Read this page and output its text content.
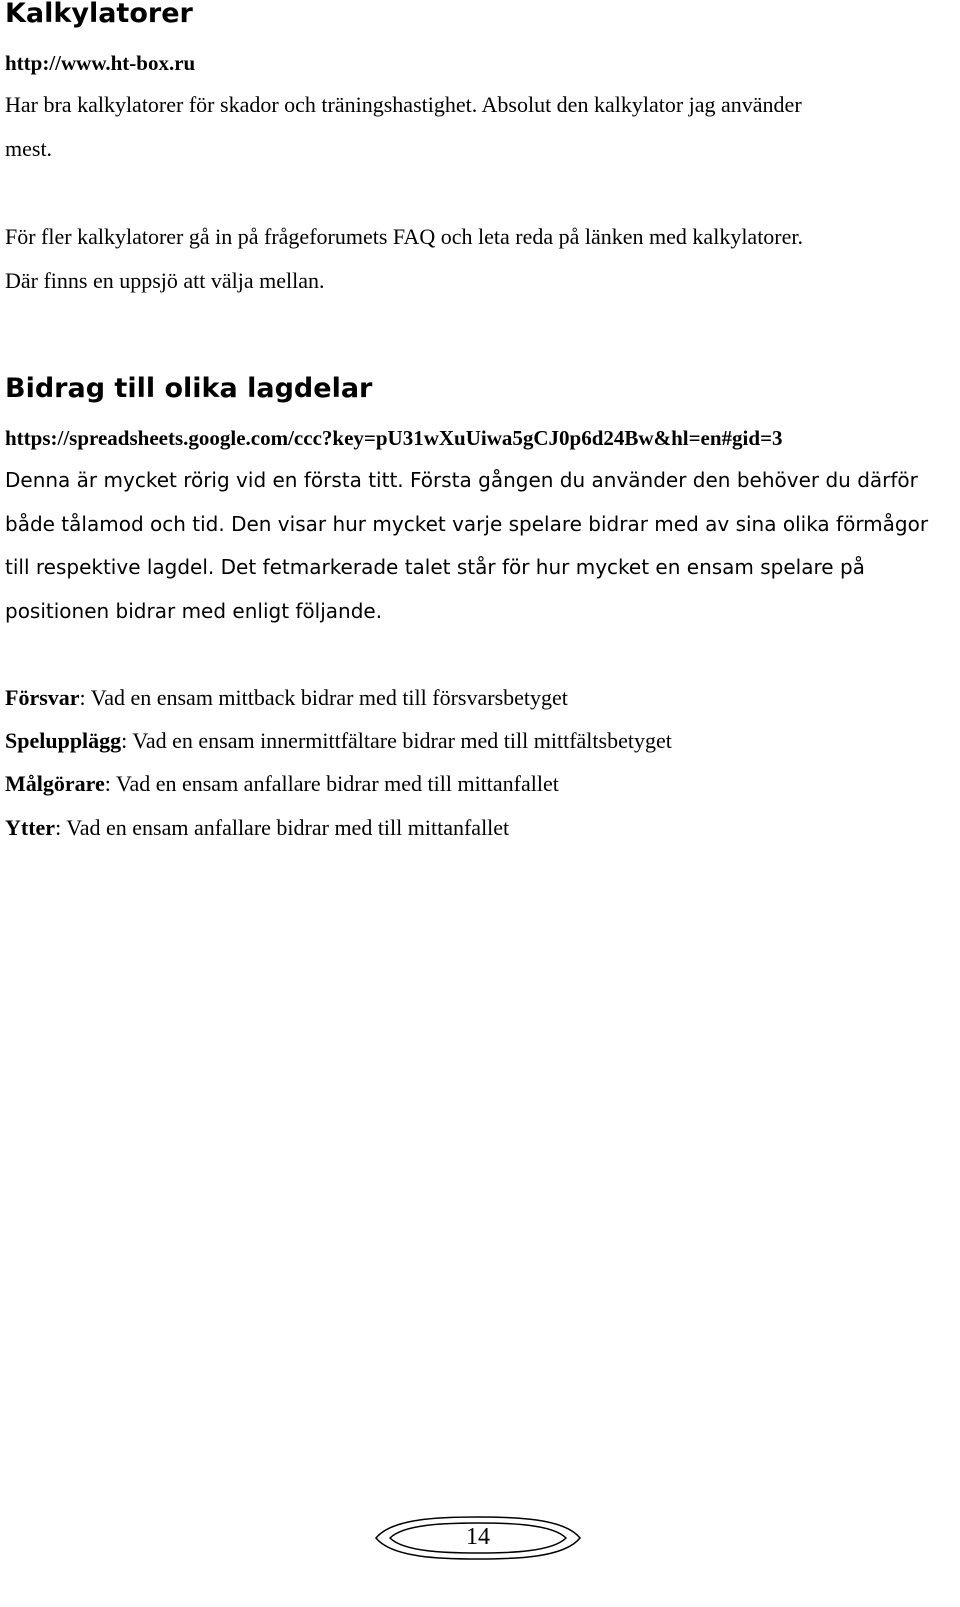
Kalkylatorer
http://www.ht-box.ru

Har bra kalkylatorer för skador och träningshastighet. Absolut den kalkylator jag använder
mest.

För fler kalkylatorer gå in på frågeforumets FAQ och leta reda på länken med kalkylatorer.
Där finns en uppsjö att välja mellan.

Bidrag till olika lagdelar
https://spreadsheets.google.com/ccc?key=pU31wXuUiwa5gCJ0p6d24Bw&hl=en#gid=3

Denna är mycket rörig vid en första titt. Första gången du använder den behöver du därför
både tålamod och tid. Den visar hur mycket varje spelare bidrar med av sina olika förmågor
till respektive lagdel. Det fetmarkerade talet står för hur mycket en ensam spelare på
positionen bidrar med enligt följande.

Försvar: Vad en ensam mittback bidrar med till försvarsbetyget
Spelupplägg: Vad en ensam innermittfältare bidrar med till mittfältsbetyget
Målgörare: Vad en ensam anfallare bidrar med till mittanfallet
Ytter: Vad en ensam anfallare bidrar med till mittanfallet
14
